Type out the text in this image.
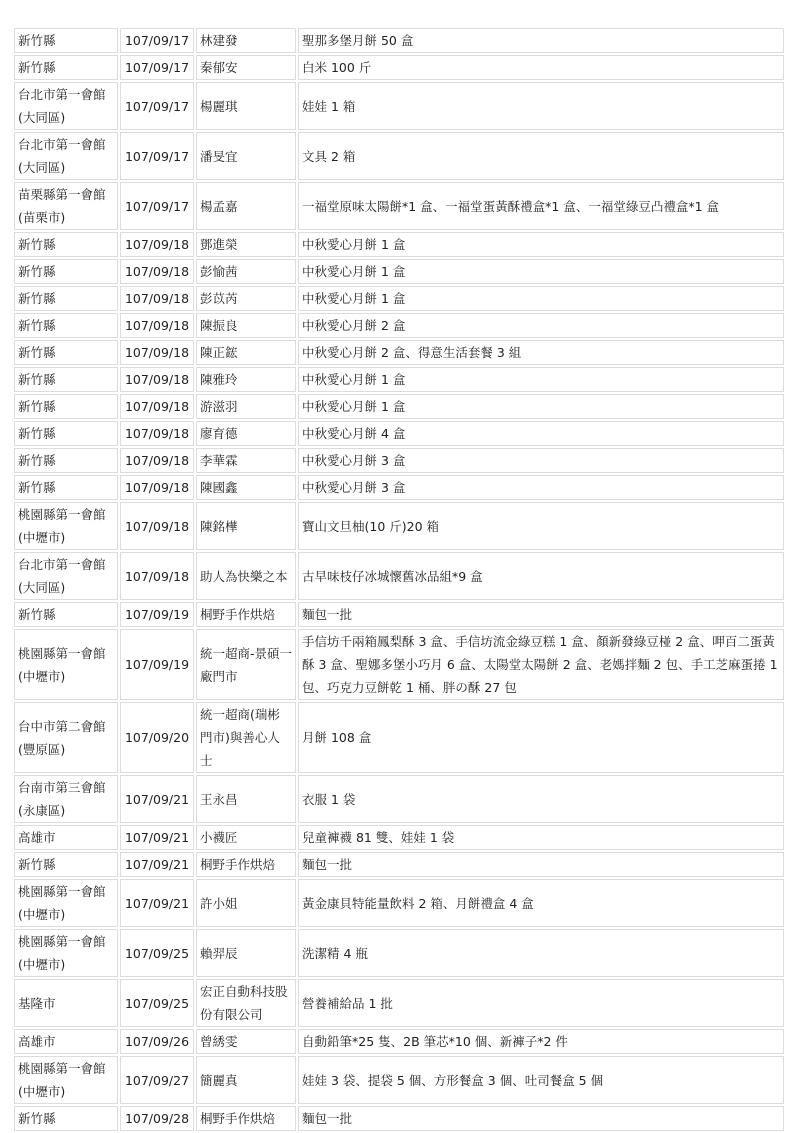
新竹縣	107/09/17	林建發	聖那多堡月餅 50 盒
新竹縣	107/09/17	秦郁安	白米 100 斤
台北市第一會館(大同區)	107/09/17	楊麗琪	娃娃 1 箱
台北市第一會館(大同區)	107/09/17	潘旻宜	文具 2 箱
苗栗縣第一會館(苗栗市)	107/09/17	楊孟嘉	一福堂原味太陽餅*1 盒、一福堂蛋黃酥禮盒*1 盒、一福堂綠豆凸禮盒*1 盒
新竹縣	107/09/18	鄧進榮	中秋愛心月餅 1 盒
新竹縣	107/09/18	彭愉茜	中秋愛心月餅 1 盒
新竹縣	107/09/18	彭苡芮	中秋愛心月餅 1 盒
新竹縣	107/09/18	陳振良	中秋愛心月餅 2 盒
新竹縣	107/09/18	陳正鋐	中秋愛心月餅 2 盒、得意生活套餐 3 組
新竹縣	107/09/18	陳雅玲	中秋愛心月餅 1 盒
新竹縣	107/09/18	游滋羽	中秋愛心月餅 1 盒
新竹縣	107/09/18	廖育德	中秋愛心月餅 4 盒
新竹縣	107/09/18	李華霖	中秋愛心月餅 3 盒
新竹縣	107/09/18	陳國鑫	中秋愛心月餅 3 盒
桃園縣第一會館(中壢市)	107/09/18	陳銘樺	寶山文旦柚(10 斤)20 箱
台北市第一會館(大同區)	107/09/18	助人為快樂之本	古早味枝仔冰城懷舊冰品組*9 盒
新竹縣	107/09/19	桐野手作烘焙	麵包一批
桃園縣第一會館(中壢市)	107/09/19	統一超商-景碩一廠門市	手信坊千兩箱鳳梨酥 3 盒、手信坊流金綠豆糕 1 盒、顏新發綠豆椪 2 盒、呷百二蛋黃酥 3 盒、聖娜多堡小巧月 6 盒、太陽堂太陽餅 2 盒、老媽拌麵 2 包、手工芝麻蛋捲 1 包、巧克力豆餅乾 1 桶、胖の酥 27 包
台中市第二會館(豐原區)	107/09/20	統一超商(瑞彬門市)與善心人士	月餅 108 盒
台南市第三會館(永康區)	107/09/21	王永昌	衣服 1 袋
高雄市	107/09/21	小襪匠	兒童褲襪 81 雙、娃娃 1 袋
新竹縣	107/09/21	桐野手作烘焙	麵包一批
桃園縣第一會館(中壢市)	107/09/21	許小姐	黃金康貝特能量飲料 2 箱、月餅禮盒 4 盒
桃園縣第一會館(中壢市)	107/09/25	賴羿辰	洗潔精 4 瓶
基隆市	107/09/25	宏正自動科技股份有限公司	營養補給品 1 批
高雄市	107/09/26	曾綉雯	自動鉛筆*25 隻、2B 筆芯*10 個、新褲子*2 件
桃園縣第一會館(中壢市)	107/09/27	簡麗真	娃娃 3 袋、提袋 5 個、方形餐盒 3 個、吐司餐盒 5 個
新竹縣	107/09/28	桐野手作烘焙	麵包一批
